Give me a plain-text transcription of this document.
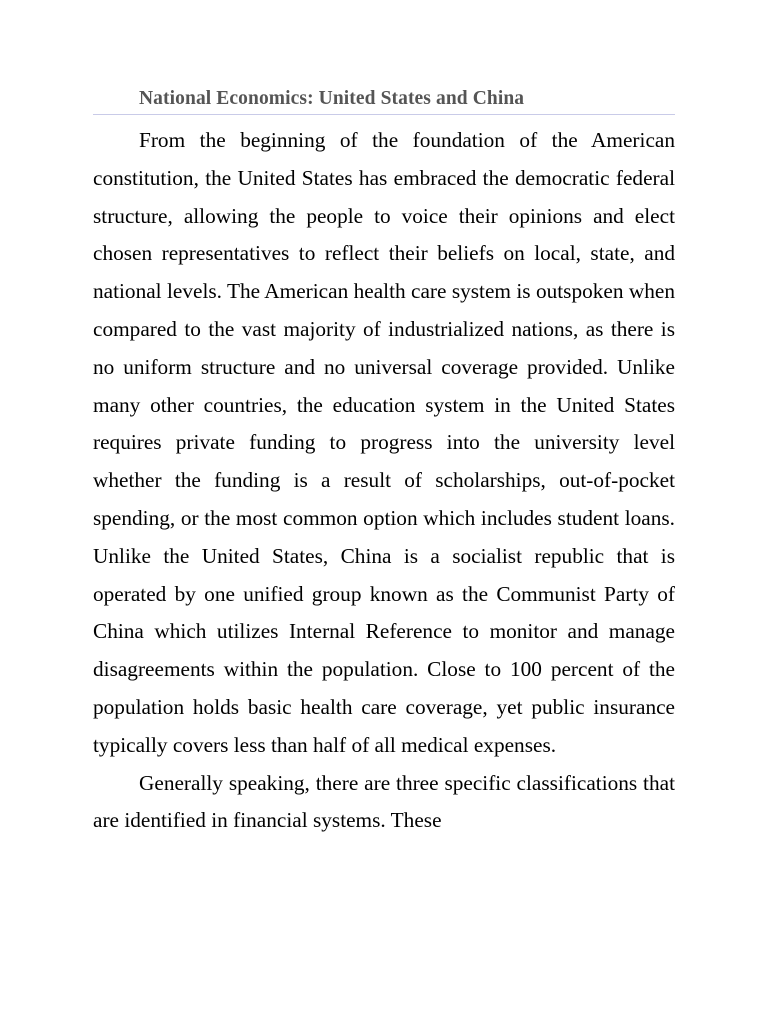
National Economics: United States and China

From the beginning of the foundation of the American constitution, the United States has embraced the democratic federal structure, allowing the people to voice their opinions and elect chosen representatives to reflect their beliefs on local, state, and national levels. The American health care system is outspoken when compared to the vast majority of industrialized nations, as there is no uniform structure and no universal coverage provided. Unlike many other countries, the education system in the United States requires private funding to progress into the university level whether the funding is a result of scholarships, out-of-pocket spending, or the most common option which includes student loans. Unlike the United States, China is a socialist republic that is operated by one unified group known as the Communist Party of China which utilizes Internal Reference to monitor and manage disagreements within the population. Close to 100 percent of the population holds basic health care coverage, yet public insurance typically covers less than half of all medical expenses.

Generally speaking, there are three specific classifications that are identified in financial systems. These
